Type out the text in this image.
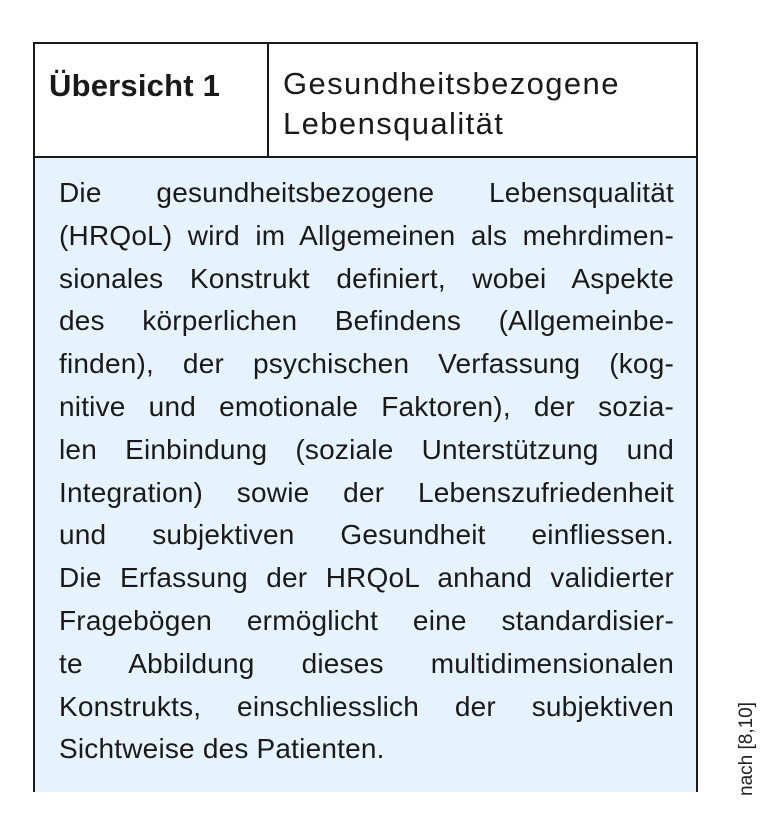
Übersicht 1	Gesundheitsbezogene
Lebensqualität
Die gesundheitsbezogene Lebensqualität
(HRQoL) wird im Allgemeinen als mehrdimen-
sionales Konstrukt definiert, wobei Aspekte
des körperlichen Befindens (Allgemeinbe-
finden), der psychischen Verfassung (kog-
nitive und emotionale Faktoren), der sozia-
len Einbindung (soziale Unterstützung und
Integration) sowie der Lebenszufriedenheit
und subjektiven Gesundheit einfliessen.
Die Erfassung der HRQoL anhand validierter
Fragebögen ermöglicht eine standardisier-
te Abbildung dieses multidimensionalen
Konstrukts, einschliesslich der subjektiven
Sichtweise des Patienten.	nach [8,10]
